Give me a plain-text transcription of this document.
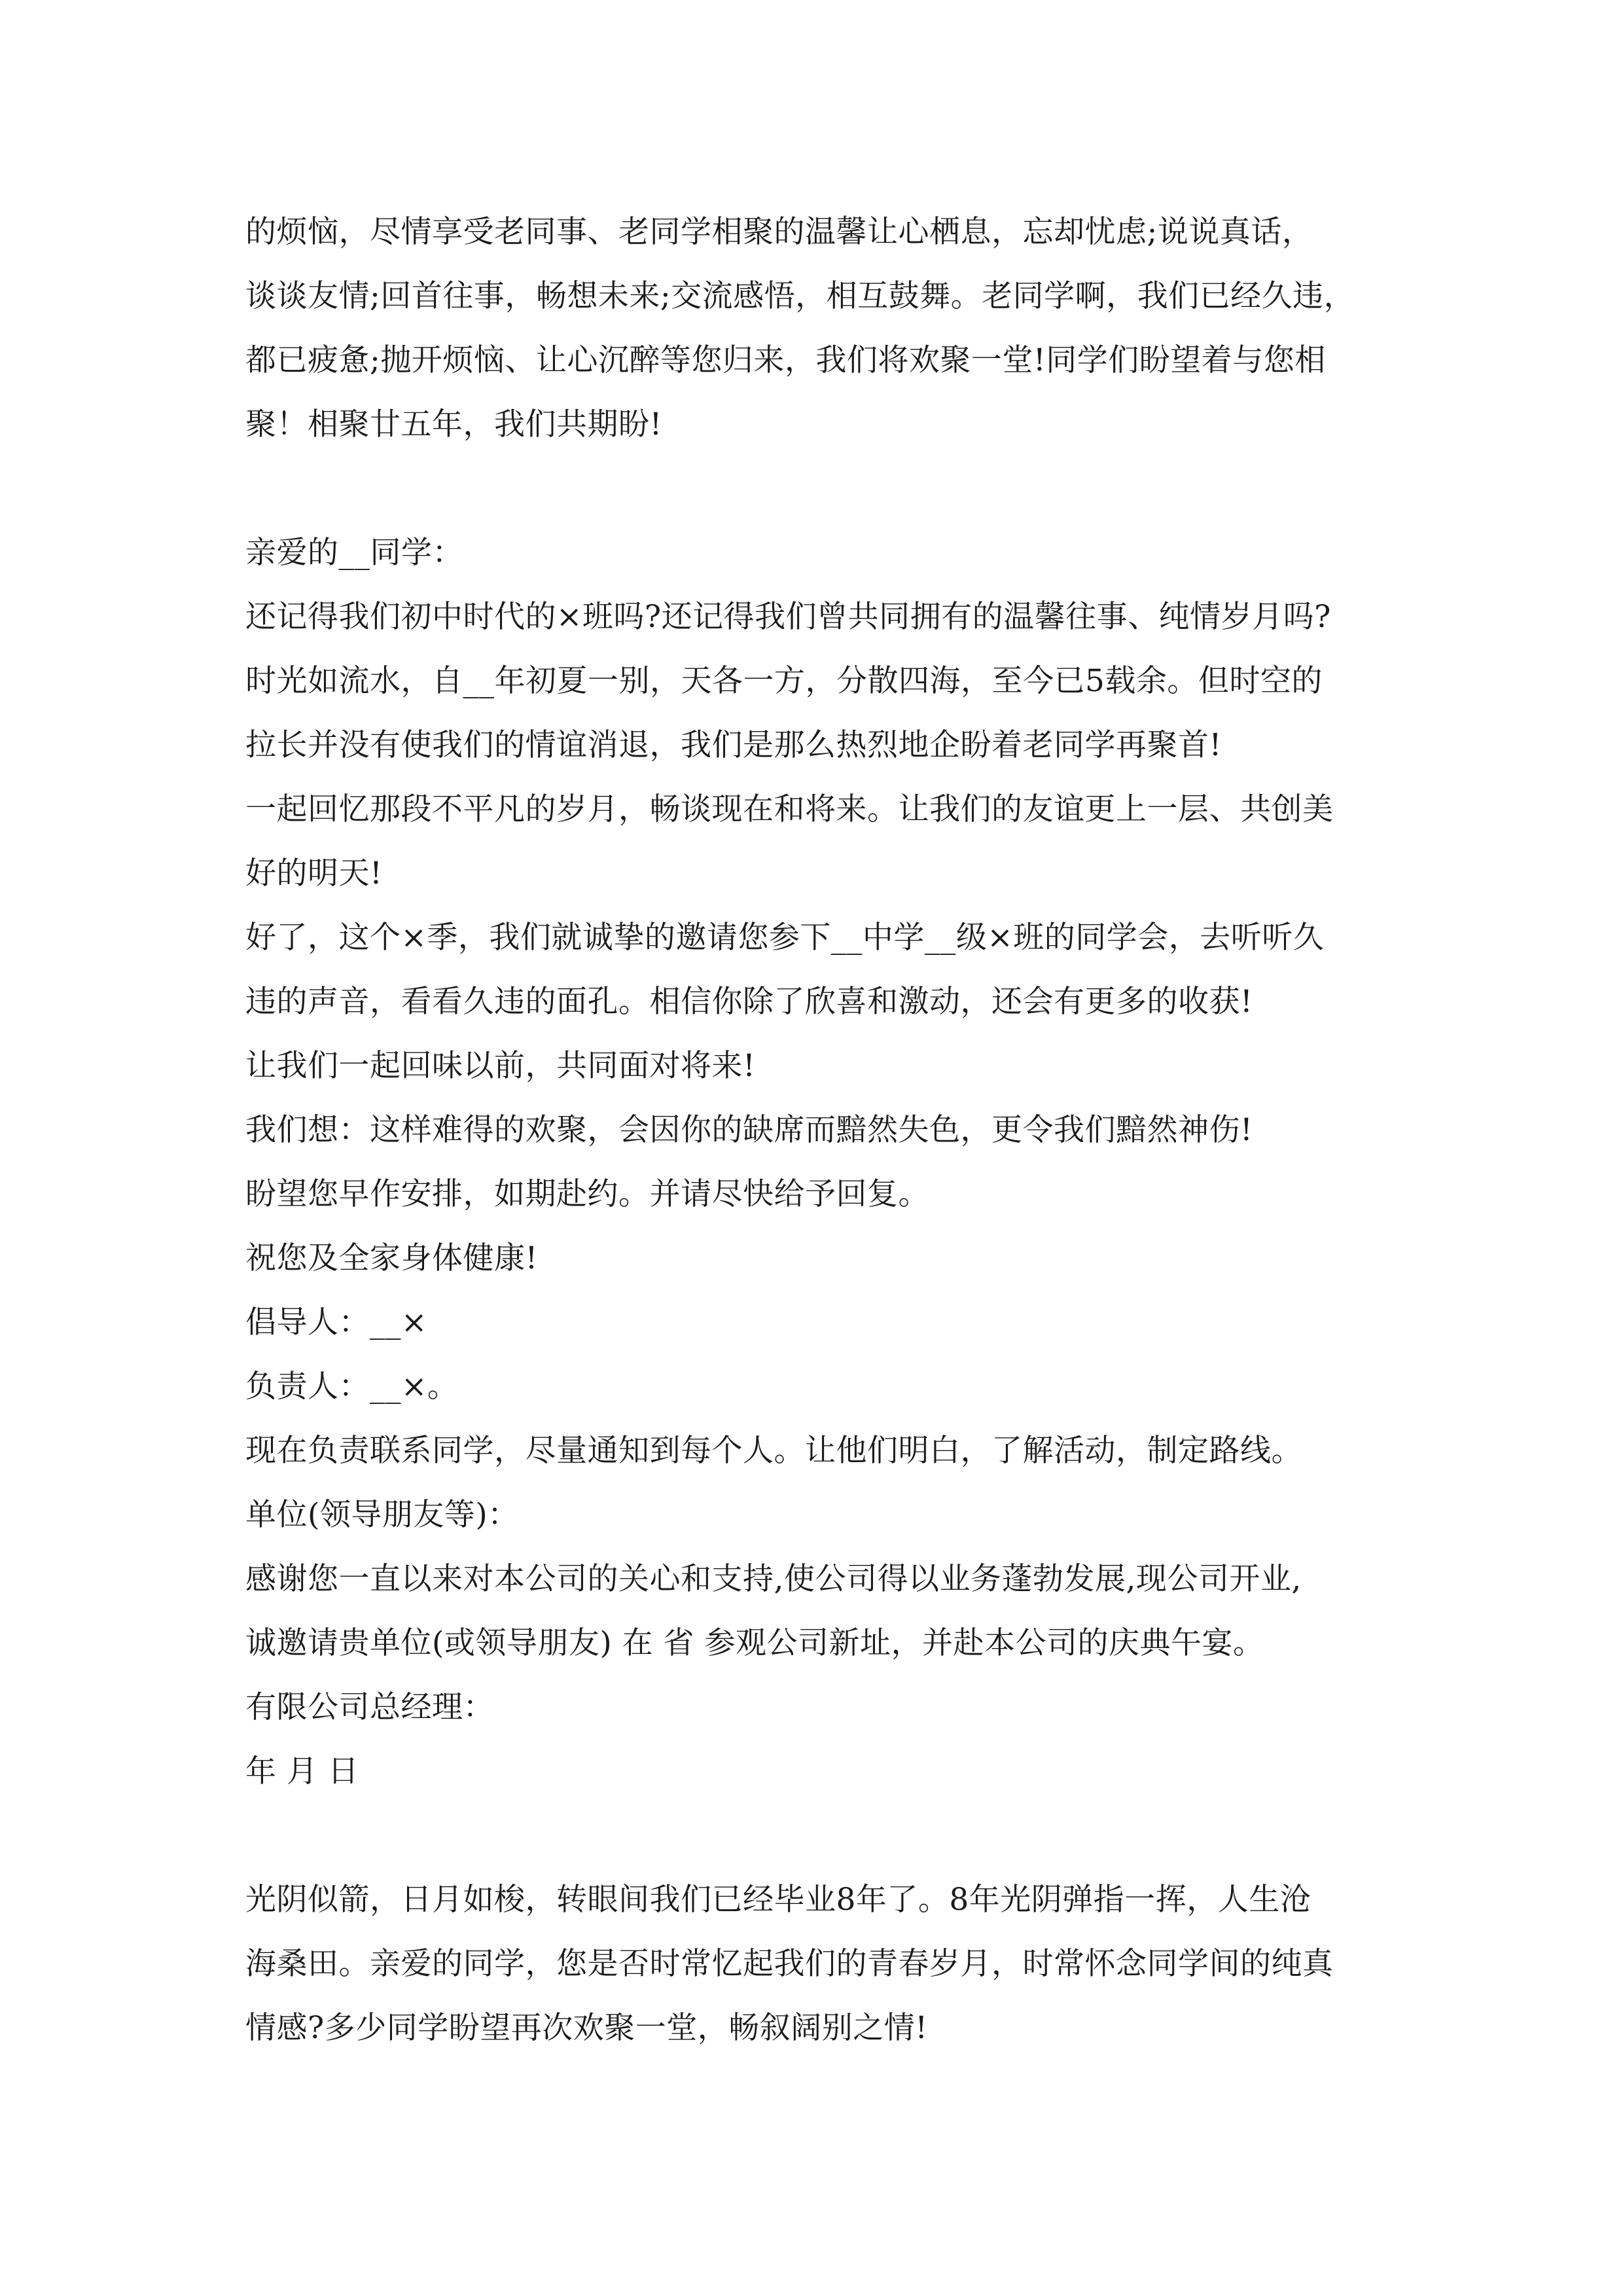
的烦恼，尽情享受老同事、老同学相聚的温馨让心栖息，忘却忧虑;说说真话，
谈谈友情;回首往事，畅想未来;交流感悟，相互鼓舞。老同学啊，我们已经久违，
都已疲惫;抛开烦恼、让心沉醉等您归来，我们将欢聚一堂!同学们盼望着与您相
聚！相聚廿五年，我们共期盼!
亲爱的__同学：
还记得我们初中时代的×班吗?还记得我们曾共同拥有的温馨往事、纯情岁月吗?
时光如流水，自__年初夏一别，天各一方，分散四海，至今已5载余。但时空的
拉长并没有使我们的情谊消退，我们是那么热烈地企盼着老同学再聚首!
一起回忆那段不平凡的岁月，畅谈现在和将来。让我们的友谊更上一层、共创美
好的明天!
好了，这个×季，我们就诚挚的邀请您参下__中学__级×班的同学会，去听听久
违的声音，看看久违的面孔。相信你除了欣喜和激动，还会有更多的收获!
让我们一起回味以前，共同面对将来!
我们想：这样难得的欢聚，会因你的缺席而黯然失色，更令我们黯然神伤!
盼望您早作安排，如期赴约。并请尽快给予回复。
祝您及全家身体健康!
倡导人：__×
负责人：__×。
现在负责联系同学，尽量通知到每个人。让他们明白，了解活动，制定路线。
单位(领导朋友等)：
感谢您一直以来对本公司的关心和支持,使公司得以业务蓬勃发展,现公司开业,
诚邀请贵单位(或领导朋友) 在 省 参观公司新址，并赴本公司的庆典午宴。
有限公司总经理：
年 月 日
光阴似箭，日月如梭，转眼间我们已经毕业8年了。8年光阴弹指一挥，人生沧
海桑田。亲爱的同学，您是否时常忆起我们的青春岁月，时常怀念同学间的纯真
情感?多少同学盼望再次欢聚一堂，畅叙阔别之情!
